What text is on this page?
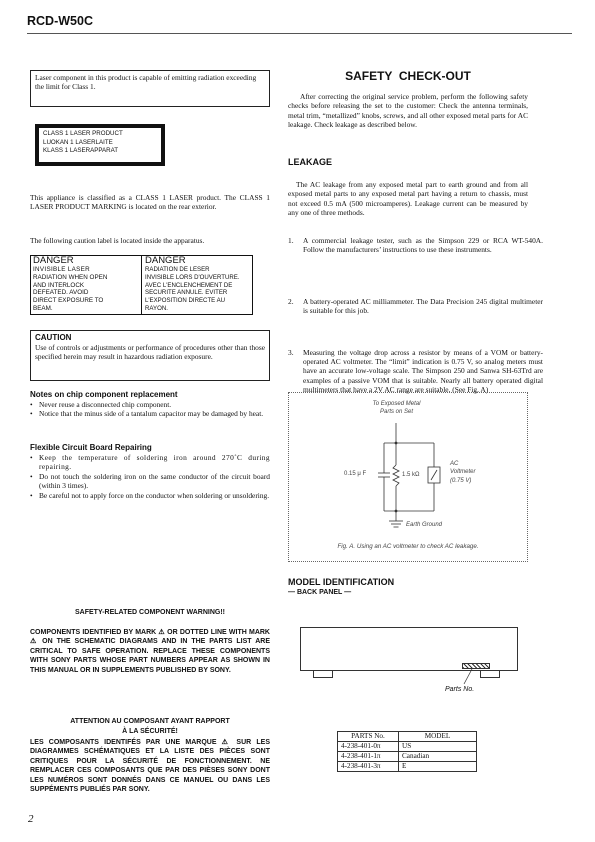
RCD-W50C
Laser component in this product is capable of emitting radiation exceeding the limit for Class 1.
CLASS 1 LASER PRODUCT
LUOKAN 1 LASERLAITE
KLASS 1 LASERAPPARAT
This appliance is classified as a CLASS 1 LASER product. The CLASS 1 LASER PRODUCT MARKING is located on the rear exterior.
The following caution label is located inside the apparatus.
DANGER
INVISIBLE LASER
RADIATION WHEN OPEN
AND INTERLOCK
DEFEATED. AVOID
DIRECT EXPOSURE TO
BEAM.
DANGER
RADIATION DE LESER
INVISIBLE LORS D'OUVERTURE.
AVEC L'ENCLENCHEMENT DE
SECURITE ANNULE. EVITER
L'EXPOSITION DIRECTE AU
RAYON.
CAUTION
Use of controls or adjustments or performance of procedures other than those specified herein may result in hazardous radiation exposure.
Notes on chip component replacement
• Never reuse a disconnected chip component.
• Notice that the minus side of a tantalum capacitor may be damaged by heat.
Flexible Circuit Board Repairing
• Keep the temperature of soldering iron around 270˚C during repairing.
• Do not touch the soldering iron on the same conductor of the circuit board (within 3 times).
• Be careful not to apply force on the conductor when soldering or unsoldering.
SAFETY-RELATED COMPONENT WARNING!!
COMPONENTS IDENTIFIED BY MARK ⚠ OR DOTTED LINE WITH MARK ⚠ ON THE SCHEMATIC DIAGRAMS AND IN THE PARTS LIST ARE CRITICAL TO SAFE OPERATION. REPLACE THESE COMPONENTS WITH SONY PARTS WHOSE PART NUMBERS APPEAR AS SHOWN IN THIS MANUAL OR IN SUPPLEMENTS PUBLISHED BY SONY.
ATTENTION AU COMPOSANT AYANT RAPPORT
À LA SÉCURITÉ!
LES COMPOSANTS IDENTIFÉS PAR UNE MARQUE ⚠ SUR LES DIAGRAMMES SCHÉMATIQUES ET LA LISTE DES PIÈCES SONT CRITIQUES POUR LA SÉCURITÉ DE FONCTIONNEMENT. NE REMPLACER CES COMPOSANTS QUE PAR DES PIÈSES SONY DONT LES NUMÉROS SONT DONNÉS DANS CE MANUEL OU DANS LES SUPPÉMENTS PUBLIÉS PAR SONY.
2
SAFETY  CHECK-OUT
After correcting the original service problem, perform the following safety checks before releasing the set to the customer: Check the antenna terminals, metal trim, “metallized” knobs, screws, and all other exposed metal parts for AC leakage. Check leakage as described below.
LEAKAGE
The AC leakage from any exposed metal part to earth ground and from all exposed metal parts to any exposed metal part having a return to chassis, must not exceed 0.5 mA (500 microamperes). Leakage current can be measured by any one of three methods.
1. A commercial leakage tester, such as the Simpson 229 or RCA WT-540A. Follow the manufacturers’ instructions to use these instruments.
2. A battery-operated AC milliammeter. The Data Precision 245 digital multimeter is suitable for this job.
3. Measuring the voltage drop across a resistor by means of a VOM or battery-operated AC voltmeter. The “limit” indication is 0.75 V, so analog meters must have an accurate low-voltage scale. The Simpson 250 and Sanwa SH-63Trd are examples of a passive VOM that is suitable. Nearly all battery operated digital multimeters that have a 2V AC range are suitable. (See Fig. A)
To Exposed Metal
Parts on Set
0.15 μ F	1.5 kΩ
AC
Voltmeter
(0.75 V)
Earth Ground
Fig. A. Using an AC voltmeter to check AC leakage.
MODEL IDENTIFICATION
— BACK PANEL —
Parts No.
PARTS No.	MODEL
4-238-401-0π	US
4-238-401-1π	Canadian
4-238-401-3π	E
